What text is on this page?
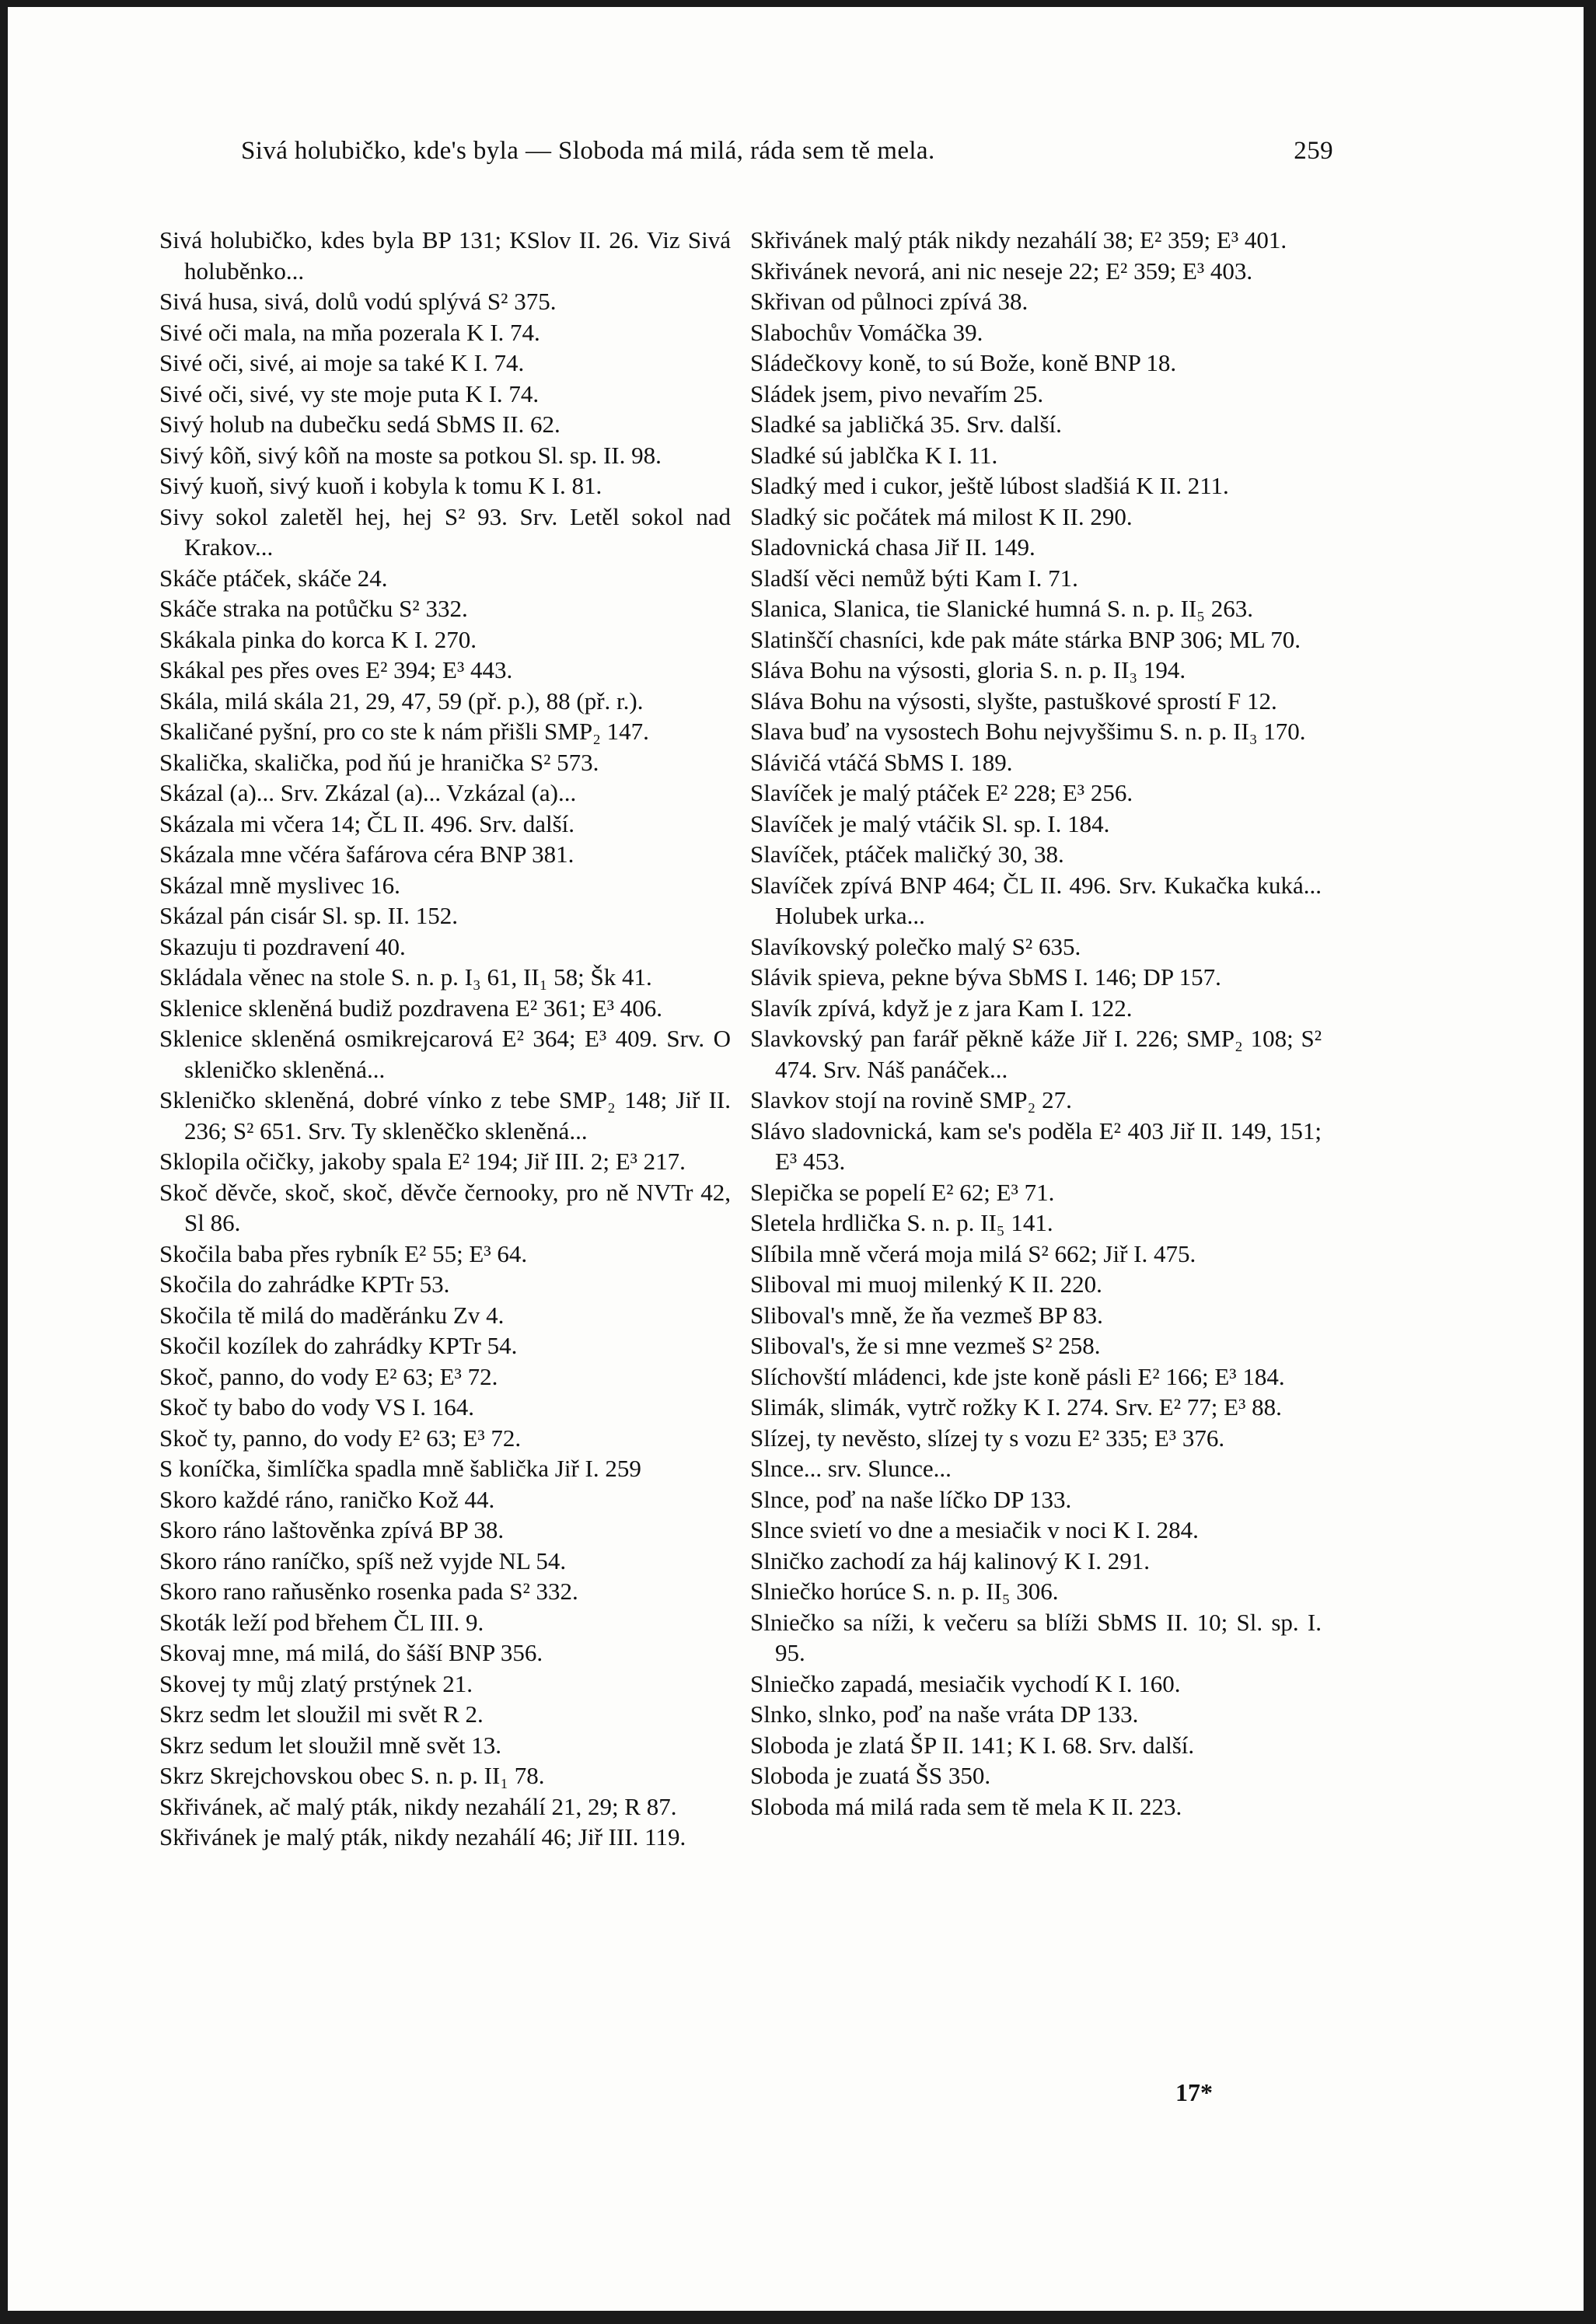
Sivá holubičko, kde's byla — Sloboda má milá, ráda sem tě mela.	259
Sivá holubičko, kdes byla BP 131; KSlov II. 26. Viz Sivá holuběnko...
Sivá husa, sivá, dolů vodú splývá S² 375.
Sivé oči mala, na mňa pozerala K I. 74.
Sivé oči, sivé, ai moje sa také K I. 74.
Sivé oči, sivé, vy ste moje puta K I. 74.
Sivý holub na dubečku sedá SbMS II. 62.
Sivý kôň, sivý kôň na moste sa potkou Sl. sp. II. 98.
Sivý kuoň, sivý kuoň i kobyla k tomu K I. 81.
Sivy sokol zaletěl hej, hej S² 93. Srv. Letěl sokol nad Krakov...
Skáče ptáček, skáče 24.
Skáče straka na potůčku S² 332.
Skákala pinka do korca K I. 270.
Skákal pes přes oves E² 394; E³ 443.
Skála, milá skála 21, 29, 47, 59 (př. p.), 88 (př. r.).
Skaličané pyšní, pro co ste k nám přišli SMP₂ 147.
Skalička, skalička, pod ňú je hranička S² 573.
Skázal (a)... Srv. Zkázal (a)... Vzkázal (a)...
Skázala mi včera 14; ČL II. 496. Srv. další.
Skázala mne včéra šafárova céra BNP 381.
Skázal mně myslivec 16.
Skázal pán cisár Sl. sp. II. 152.
Skazuju ti pozdravení 40.
Skládala věnec na stole S. n. p. I₃ 61, II₁ 58; Šk 41.
Sklenice skleněná budiž pozdravena E² 361; E³ 406.
Sklenice skleněná osmikrejcarová E² 364; E³ 409. Srv. O skleničko skleněná...
Skleničko skleněná, dobré vínko z tebe SMP₂ 148; Jiř II. 236; S² 651. Srv. Ty skleněčko skleněná...
Sklopila očičky, jakoby spala E² 194; Jiř III. 2; E³ 217.
Skoč děvče, skoč, skoč, děvče černooky, pro ně NVTr 42, Sl 86.
Skočila baba přes rybník E² 55; E³ 64.
Skočila do zahrádke KPTr 53.
Skočila tě milá do maděránku Zv 4.
Skočil kozílek do zahrádky KPTr 54.
Skoč, panno, do vody E² 63; E³ 72.
Skoč ty babo do vody VS I. 164.
Skoč ty, panno, do vody E² 63; E³ 72.
S koníčka, šimlíčka spadla mně šablička Jiř I. 259
Skoro každé ráno, raničko Kož 44.
Skoro ráno laštověnka zpívá BP 38.
Skoro ráno raníčko, spíš než vyjde NL 54.
Skoro rano raňusěnko rosenka pada S² 332.
Skoták leží pod břehem ČL III. 9.
Skovaj mne, má milá, do šáší BNP 356.
Skovej ty můj zlatý prstýnek 21.
Skrz sedm let sloužil mi svět R 2.
Skrz sedum let sloužil mně svět 13.
Skrz Skrejchovskou obec S. n. p. II₁ 78.
Skřivánek, ač malý pták, nikdy nezahálí 21, 29; R 87.
Skřivánek je malý pták, nikdy nezahálí 46; Jiř III. 119.
Skřivánek malý pták nikdy nezahálí 38; E² 359; E³ 401.
Skřivánek nevorá, ani nic neseje 22; E² 359; E³ 403.
Skřivan od půlnoci zpívá 38.
Slabochův Vomáčka 39.
Sládečkovy koně, to sú Bože, koně BNP 18.
Sládek jsem, pivo nevařím 25.
Sladké sa jabličká 35. Srv. další.
Sladké sú jablčka K I. 11.
Sladký med i cukor, ještě lúbost sladšiá K II. 211.
Sladký sic počátek má milost K II. 290.
Sladovnická chasa Jiř II. 149.
Sladší věci nemůž býti Kam I. 71.
Slanica, Slanica, tie Slanické humná S. n. p. II₅ 263.
Slatinščí chasníci, kde pak máte stárka BNP 306; ML 70.
Sláva Bohu na výsosti, gloria S. n. p. II₃ 194.
Sláva Bohu na výsosti, slyšte, pastuškové sprostí F 12.
Slava buď na vysostech Bohu nejvyššimu S. n. p. II₃ 170.
Slávičá vtáčá SbMS I. 189.
Slavíček je malý ptáček E² 228; E³ 256.
Slavíček je malý vtáčik Sl. sp. I. 184.
Slavíček, ptáček maličký 30, 38.
Slavíček zpívá BNP 464; ČL II. 496. Srv. Kukačka kuká... Holubek urka...
Slavíkovský polečko malý S² 635.
Slávik spieva, pekne býva SbMS I. 146; DP 157.
Slavík zpívá, když je z jara Kam I. 122.
Slavkovský pan farář pěkně káže Jiř I. 226; SMP₂ 108; S² 474. Srv. Náš panáček...
Slavkov stojí na rovině SMP₂ 27.
Slávo sladovnická, kam se's poděla E² 403 Jiř II. 149, 151; E³ 453.
Slepička se popelí E² 62; E³ 71.
Sletela hrdlička S. n. p. II₅ 141.
Slíbila mně včerá moja milá S² 662; Jiř I. 475.
Sliboval mi muoj milenký K II. 220.
Sliboval's mně, že ňa vezmeš BP 83.
Sliboval's, že si mne vezmeš S² 258.
Slíchovští mládenci, kde jste koně pásli E² 166; E³ 184.
Slimák, slimák, vytrč rožky K I. 274. Srv. E² 77; E³ 88.
Slízej, ty nevěsto, slízej ty s vozu E² 335; E³ 376.
Slnce... srv. Slunce...
Slnce, poď na naše líčko DP 133.
Slnce svietí vo dne a mesiačik v noci K I. 284.
Slničko zachodí za háj kalinový K I. 291.
Slniečko horúce S. n. p. II₅ 306.
Slniečko sa níži, k večeru sa blíži SbMS II. 10; Sl. sp. I. 95.
Slniečko zapadá, mesiačik vychodí K I. 160.
Slnko, slnko, poď na naše vráta DP 133.
Sloboda je zlatá ŠP II. 141; K I. 68. Srv. další.
Sloboda je zuatá ŠS 350.
Sloboda má milá rada sem tě mela K II. 223.
17*
